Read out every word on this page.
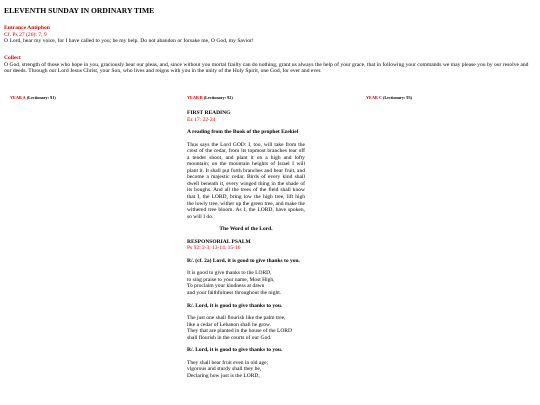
ELEVENTH SUNDAY IN ORDINARY TIME
Entrance Antiphon
Cf. Ps 27 (26): 7, 9
O Lord, hear my voice, for I have called to you; be my help. Do not abandon or forsake me, O God, my Savior!
Collect
O God, strength of those who hope in you, graciously hear our pleas, and, since without you mortal frailty can do nothing, grant us always the help of your grace, that in following your commands we may please you by our resolve and our deeds. Through our Lord Jesus Christ, your Son, who lives and reigns with you in the unity of the Holy Spirit, one God, for ever and ever.
YEAR A (Lectionary: 91)	YEAR B (Lectionary: 92)	YEAR C (Lectionary: 93)

FIRST READING

Ez 17: 22-24

A reading from the Book of the prophet Ezekiel

Thus says the Lord GOD: I, too, will take from the crest of the cedar, from its topmost branches tear off a tender shoot, and plant it on a high and lofty mountain; on the mountain heights of Israel I will plant it. It shall put forth branches and bear fruit, and become a majestic cedar. Birds of every kind shall dwell beneath it, every winged thing in the shade of its boughs. And all the trees of the field shall know that I, the LORD, bring low the high tree, lift high the lowly tree, wither up the green tree, and make the withered tree bloom. As I, the LORD, have spoken, so will I do.

The Word of the Lord.

RESPONSORIAL PSALM

Ps 92: 2-3, 13-14, 15-16

R/. (cf. 2a) Lord, it is good to give thanks to you.

It is good to give thanks to the LORD,

to sing praise to your name, Most High,

To proclaim your kindness at dawn

and your faithfulness throughout the night.

R/. Lord, it is good to give thanks to you.

The just one shall flourish like the palm tree,

like a cedar of Lebanon shall he grow.

They that are planted in the house of the LORD

shall flourish in the courts of our God.

R/. Lord, it is good to give thanks to you.

They shall bear fruit even in old age;

vigorous and sturdy shall they be,

Declaring how just is the LORD,
